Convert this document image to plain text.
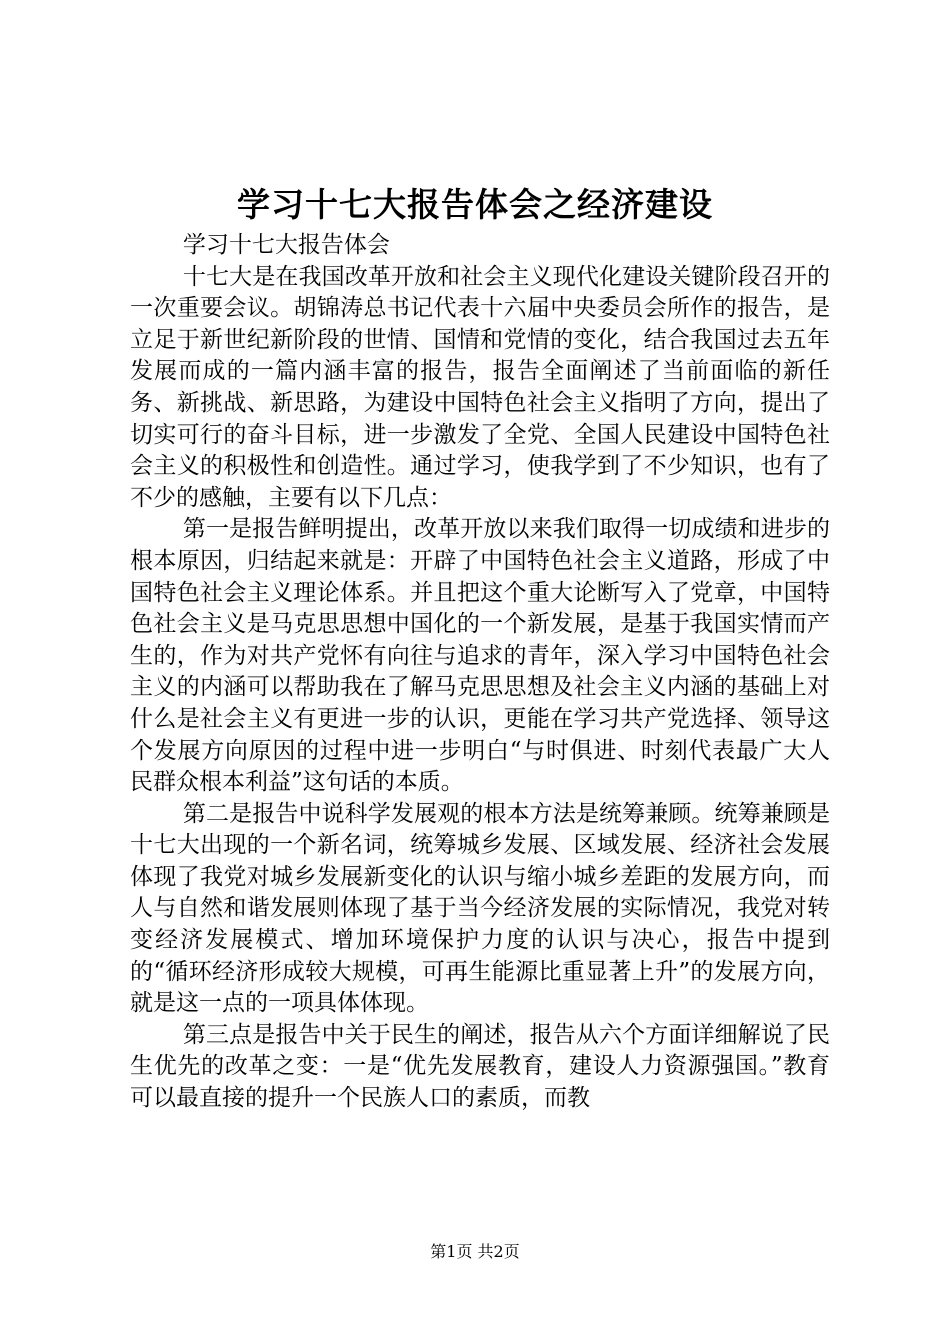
学习十七大报告体会之经济建设

学习十七大报告体会

十七大是在我国改革开放和社会主义现代化建设关键阶段召开的一次重要会议。胡锦涛总书记代表十六届中央委员会所作的报告，是立足于新世纪新阶段的世情、国情和党情的变化，结合我国过去五年发展而成的一篇内涵丰富的报告，报告全面阐述了当前面临的新任务、新挑战、新思路，为建设中国特色社会主义指明了方向，提出了切实可行的奋斗目标，进一步激发了全党、全国人民建设中国特色社会主义的积极性和创造性。通过学习，使我学到了不少知识，也有了不少的感触，主要有以下几点：

第一是报告鲜明提出，改革开放以来我们取得一切成绩和进步的根本原因，归结起来就是：开辟了中国特色社会主义道路，形成了中国特色社会主义理论体系。并且把这个重大论断写入了党章，中国特色社会主义是马克思思想中国化的一个新发展，是基于我国实情而产生的，作为对共产党怀有向往与追求的青年，深入学习中国特色社会主义的内涵可以帮助我在了解马克思思想及社会主义内涵的基础上对什么是社会主义有更进一步的认识，更能在学习共产党选择、领导这个发展方向原因的过程中进一步明白“与时俱进、时刻代表最广大人民群众根本利益”这句话的本质。

第二是报告中说科学发展观的根本方法是统筹兼顾。统筹兼顾是十七大出现的一个新名词，统筹城乡发展、区域发展、经济社会发展体现了我党对城乡发展新变化的认识与缩小城乡差距的发展方向，而人与自然和谐发展则体现了基于当今经济发展的实际情况，我党对转变经济发展模式、增加环境保护力度的认识与决心，报告中提到的“循环经济形成较大规模，可再生能源比重显著上升”的发展方向，就是这一点的一项具体体现。

第三点是报告中关于民生的阐述，报告从六个方面详细解说了民生优先的改革之变：一是“优先发展教育，建设人力资源强国。”教育可以最直接的提升一个民族人口的素质，而教

第1页 共2页
